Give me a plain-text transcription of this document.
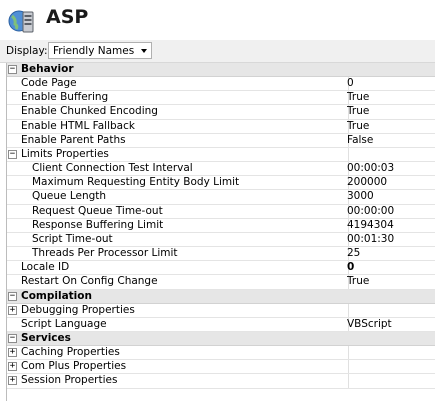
ASP
Display: Friendly Names
− Behavior
Code Page	0
Enable Buffering	True
Enable Chunked Encoding	True
Enable HTML Fallback	True
Enable Parent Paths	False
− Limits Properties
Client Connection Test Interval	00:00:03
Maximum Requesting Entity Body Limit	200000
Queue Length	3000
Request Queue Time-out	00:00:00
Response Buffering Limit	4194304
Script Time-out	00:01:30
Threads Per Processor Limit	25
Locale ID	0
Restart On Config Change	True
− Compilation
+ Debugging Properties
Script Language	VBScript
− Services
+ Caching Properties
+ Com Plus Properties
+ Session Properties
